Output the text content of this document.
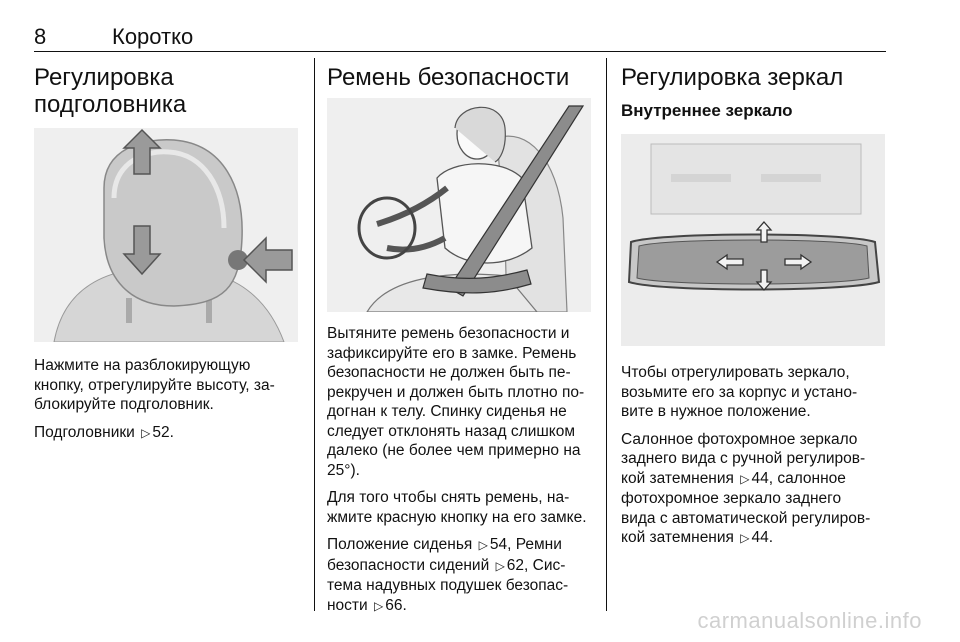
8	Коротко
Регулировка
подголовника

Нажмите на разблокирующую
кнопку, отрегулируйте высоту, за-
блокируйте подголовник.

Подголовники ▷ 52.

Ремень безопасности

Вытяните ремень безопасности и
зафиксируйте его в замке. Ремень
безопасности не должен быть пе-
рекручен и должен быть плотно по-
догнан к телу. Спинку сиденья не
следует отклонять назад слишком
далеко (не более чем примерно на
25°).

Для того чтобы снять ремень, на-
жмите красную кнопку на его замке.

Положение сиденья ▷ 54, Ремни
безопасности сидений ▷ 62, Сис-
тема надувных подушек безопас-
ности ▷ 66.

Регулировка зеркал
Внутреннее зеркало

Чтобы отрегулировать зеркало,
возьмите его за корпус и устано-
вите в нужное положение.

Салонное фотохромное зеркало
заднего вида с ручной регулиров-
кой затемнения ▷ 44, салонное
фотохромное зеркало заднего
вида с автоматической регулиров-
кой затемнения ▷ 44.

carmanualsonline.info
